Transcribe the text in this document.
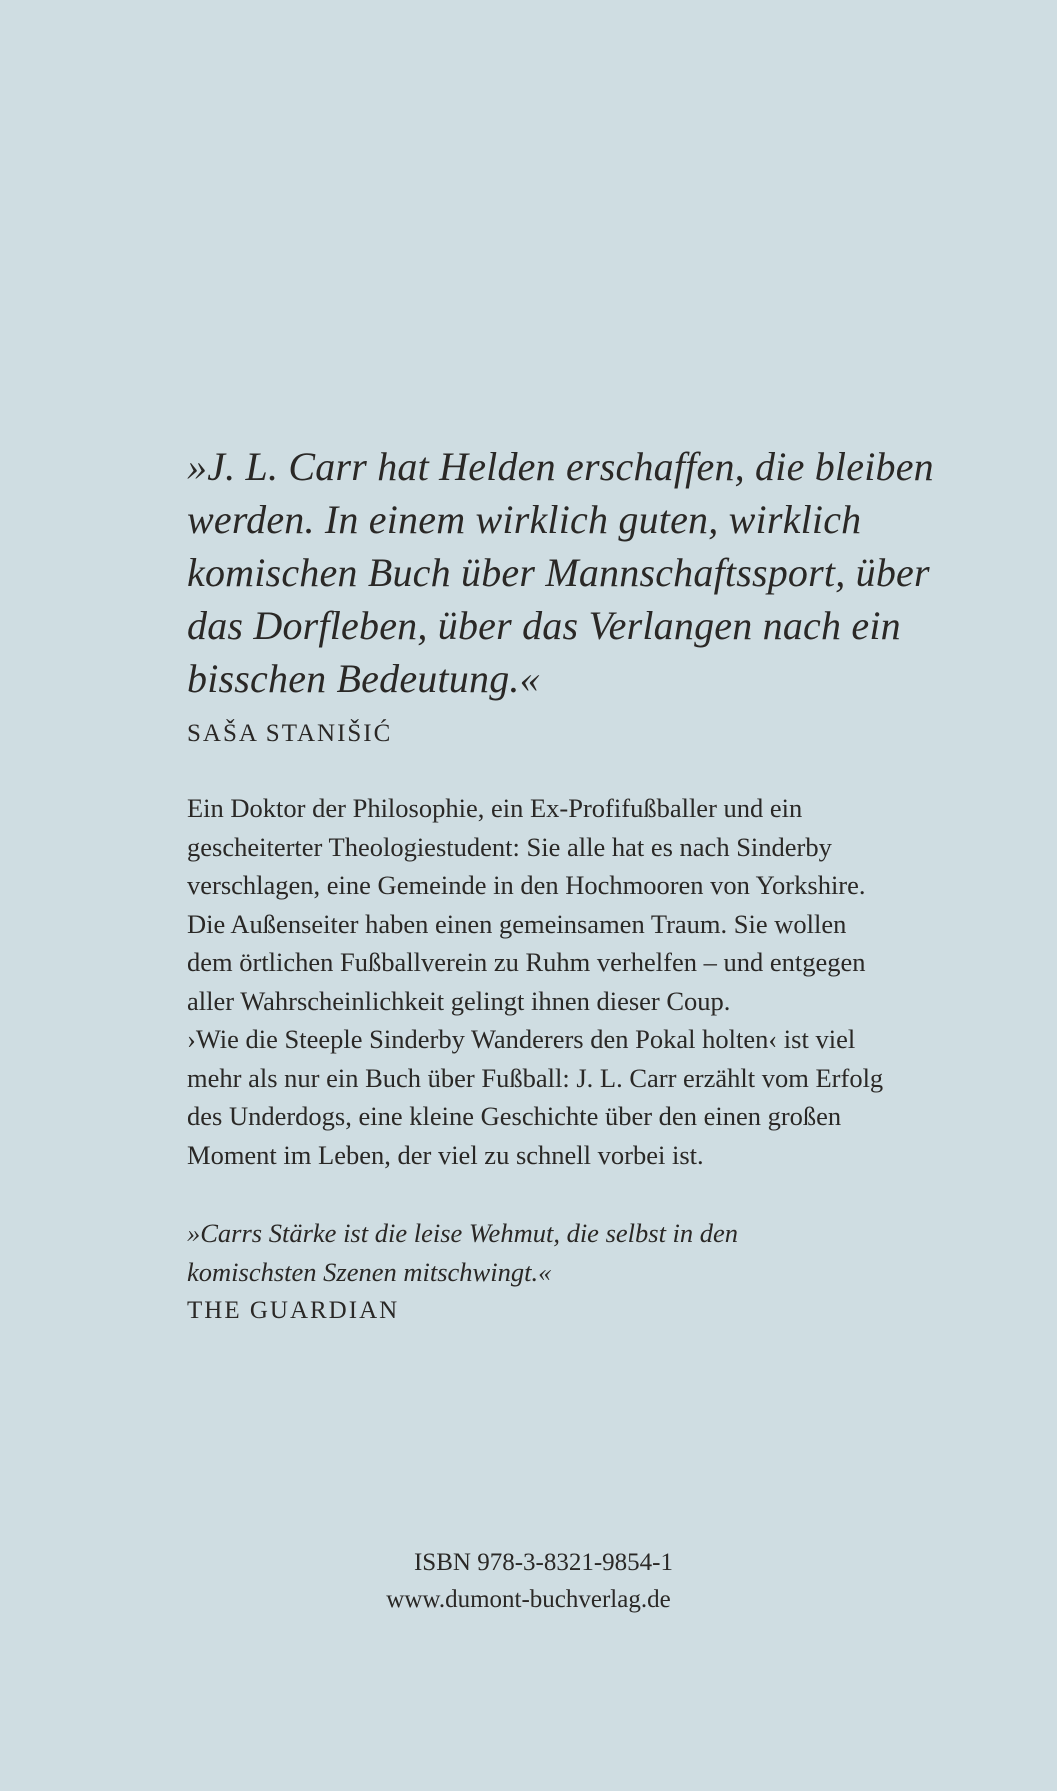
»J. L. Carr hat Helden erschaffen, die bleiben
werden. In einem wirklich guten, wirklich
komischen Buch über Mannschaftssport, über
das Dorfleben, über das Verlangen nach ein
bisschen Bedeutung.«

SAŠA STANIŠIĆ
Ein Doktor der Philosophie, ein Ex-Profifußballer und ein
gescheiterter Theologiestudent: Sie alle hat es nach Sinderby
verschlagen, eine Gemeinde in den Hochmooren von Yorkshire.
Die Außenseiter haben einen gemeinsamen Traum. Sie wollen
dem örtlichen Fußballverein zu Ruhm verhelfen – und entgegen
aller Wahrscheinlichkeit gelingt ihnen dieser Coup.
›Wie die Steeple Sinderby Wanderers den Pokal holten‹ ist viel
mehr als nur ein Buch über Fußball: J. L. Carr erzählt vom Erfolg
des Underdogs, eine kleine Geschichte über den einen großen
Moment im Leben, der viel zu schnell vorbei ist.
»Carrs Stärke ist die leise Wehmut, die selbst in den
komischsten Szenen mitschwingt.«
THE GUARDIAN
ISBN 978-3-8321-9854-1
www.dumont-buchverlag.de
